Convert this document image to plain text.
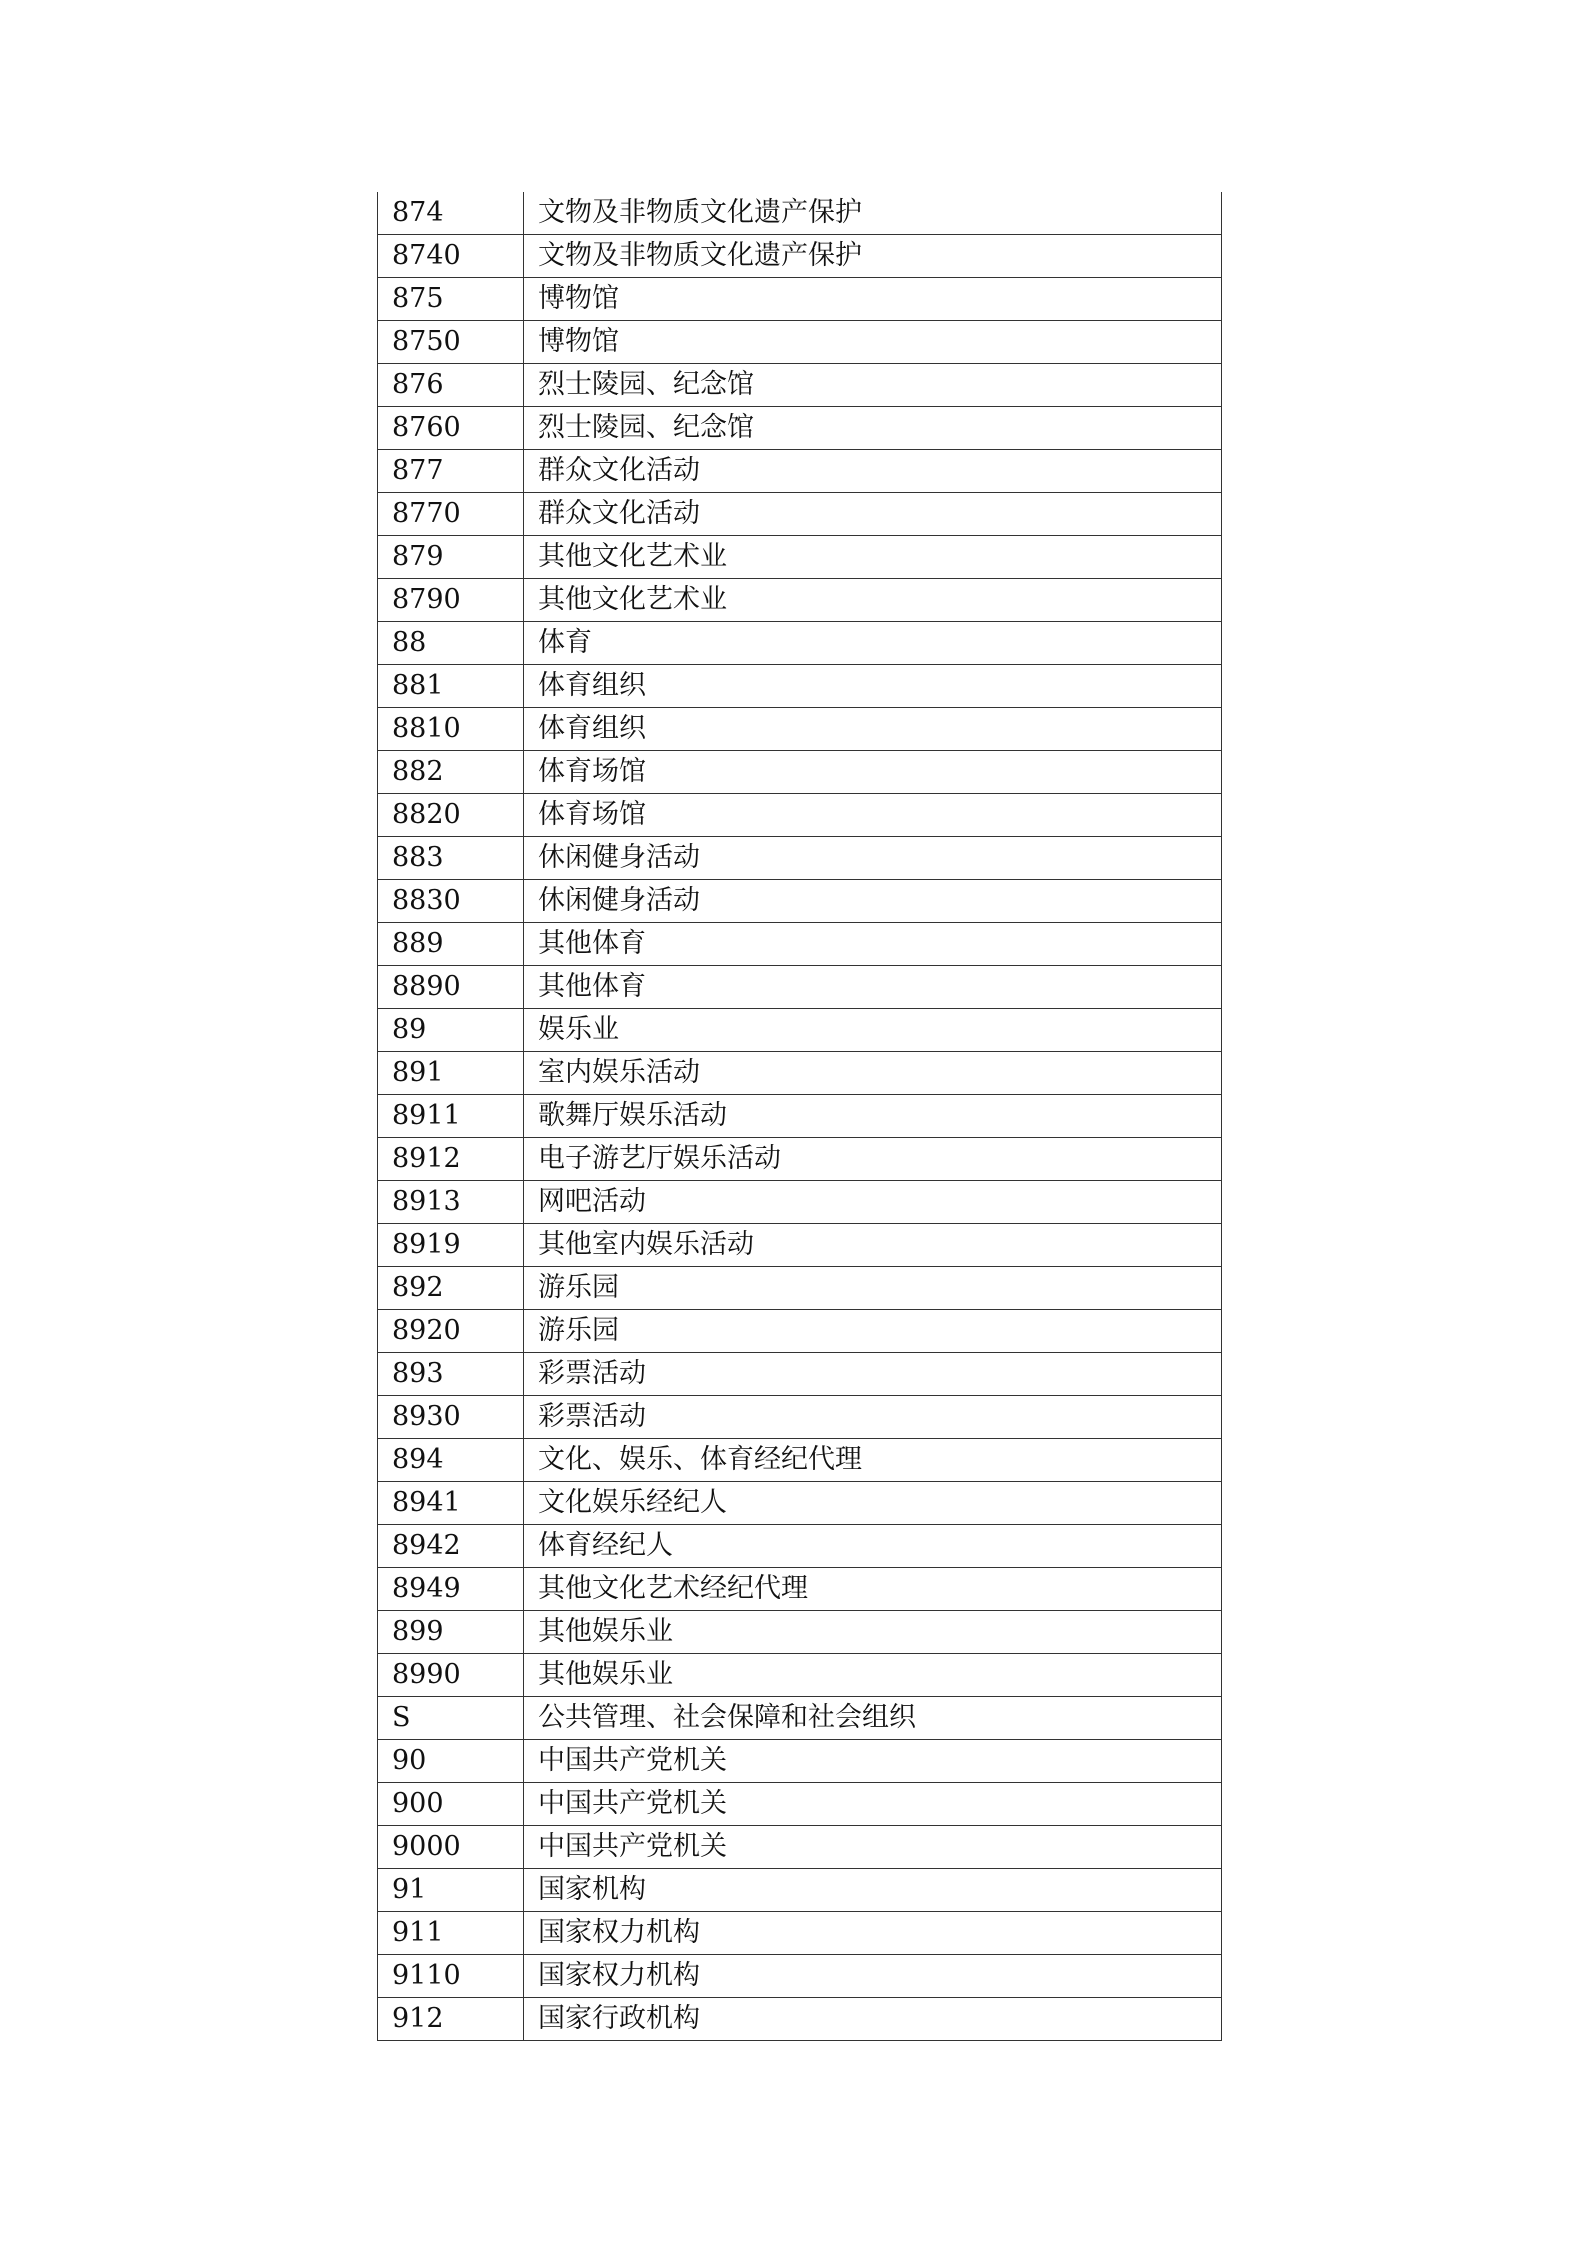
874	文物及非物质文化遗产保护
8740	文物及非物质文化遗产保护
875	博物馆
8750	博物馆
876	烈士陵园、纪念馆
8760	烈士陵园、纪念馆
877	群众文化活动
8770	群众文化活动
879	其他文化艺术业
8790	其他文化艺术业
88	体育
881	体育组织
8810	体育组织
882	体育场馆
8820	体育场馆
883	休闲健身活动
8830	休闲健身活动
889	其他体育
8890	其他体育
89	娱乐业
891	室内娱乐活动
8911	歌舞厅娱乐活动
8912	电子游艺厅娱乐活动
8913	网吧活动
8919	其他室内娱乐活动
892	游乐园
8920	游乐园
893	彩票活动
8930	彩票活动
894	文化、娱乐、体育经纪代理
8941	文化娱乐经纪人
8942	体育经纪人
8949	其他文化艺术经纪代理
899	其他娱乐业
8990	其他娱乐业
S	公共管理、社会保障和社会组织
90	中国共产党机关
900	中国共产党机关
9000	中国共产党机关
91	国家机构
911	国家权力机构
9110	国家权力机构
912	国家行政机构
